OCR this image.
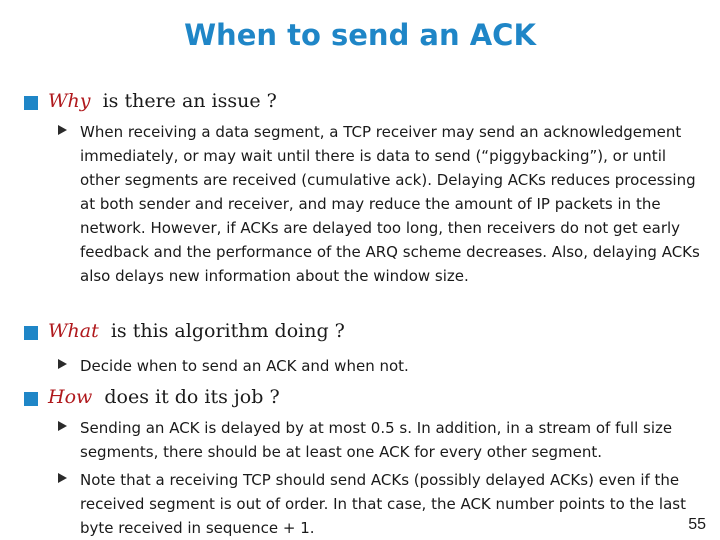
When to send an ACK
Why is there an issue ?
When receiving a data segment, a TCP receiver may send an acknowledgement immediately, or may wait until there is data to send (“piggybacking”), or until other segments are received (cumulative ack). Delaying ACKs reduces processing at both sender and receiver, and may reduce the amount of IP packets in the network. However, if ACKs are delayed too long, then receivers do not get early feedback and the performance of the ARQ scheme decreases. Also, delaying ACKs also delays new information about the window size.
What is this algorithm doing ?
Decide when to send an ACK and when not.
How does it do its job ?
Sending an ACK is delayed by at most 0.5 s. In addition, in a stream of full size segments, there should be at least one ACK for every other segment.
Note that a receiving TCP should send ACKs (possibly delayed ACKs) even if the received segment is out of order. In that case, the ACK number points to the last byte received in sequence + 1.	55
